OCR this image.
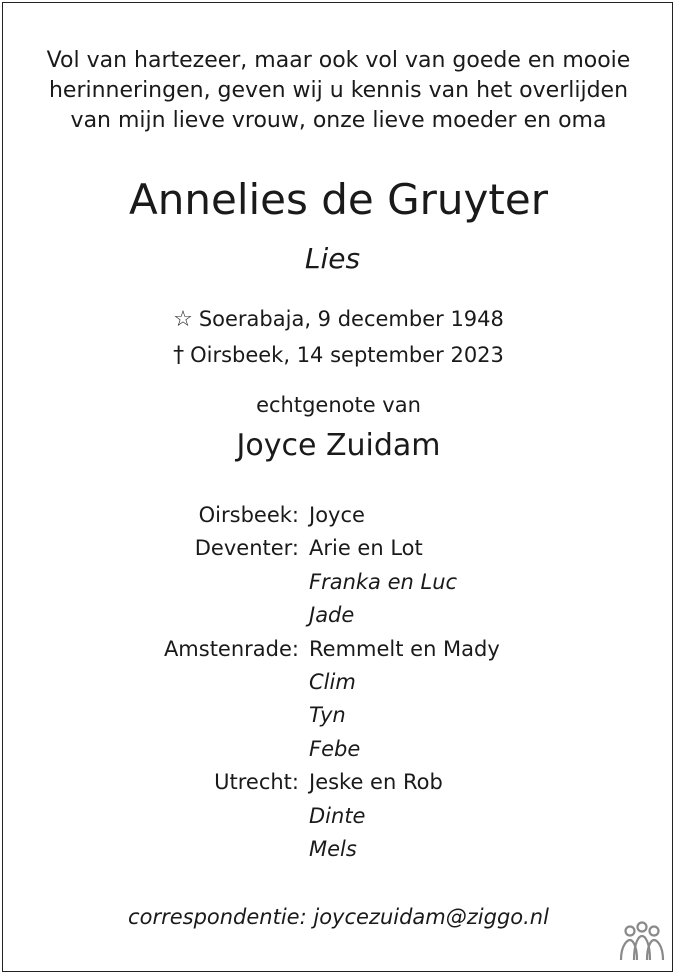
Vol van hartezeer, maar ook vol van goede en mooie
herinneringen, geven wij u kennis van het overlijden
van mijn lieve vrouw, onze lieve moeder en oma
Annelies de Gruyter
Lies
☆ Soerabaja, 9 december 1948
† Oirsbeek, 14 september 2023
echtgenote van
Joyce Zuidam
Oirsbeek: Joyce
Deventer: Arie en Lot
Franka en Luc
Jade
Amstenrade: Remmelt en Mady
Clim
Tyn
Febe
Utrecht: Jeske en Rob
Dinte
Mels
correspondentie: joycezuidam@ziggo.nl
